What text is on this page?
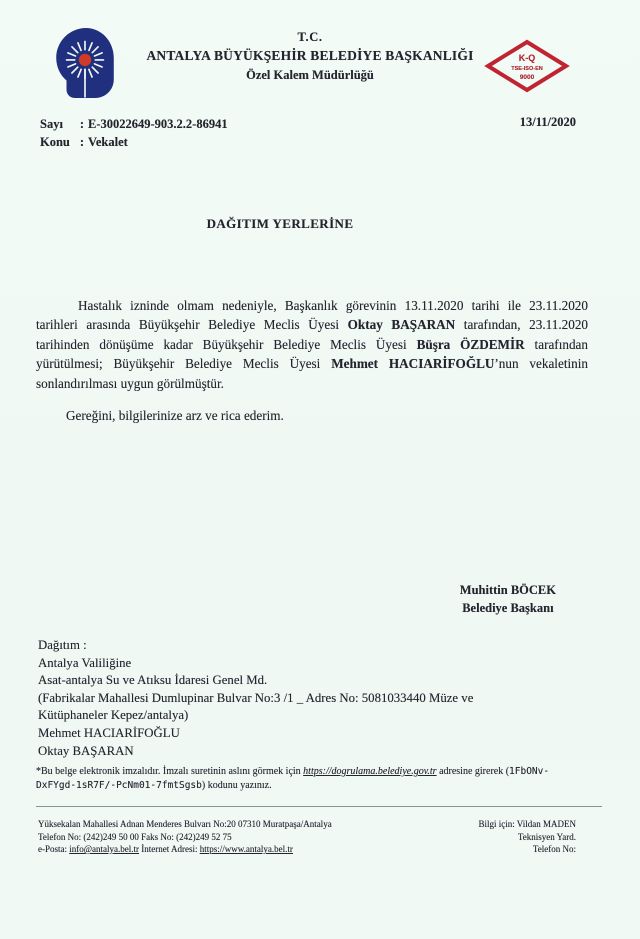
T.C.
ANTALYA BÜYÜKŞEHİR BELEDİYE BAŞKANLIĞI
Özel Kalem Müdürlüğü
K-Q
TSE-ISO-EN
9000
Sayı	: E-30022649-903.2.2-86941
Konu : Vekalet
13/11/2020
DAĞITIM YERLERİNE

Hastalık izninde olmam nedeniyle, Başkanlık görevinin 13.11.2020 tarihi ile 23.11.2020 tarihleri arasında Büyükşehir Belediye Meclis Üyesi Oktay BAŞARAN tarafından, 23.11.2020 tarihinden dönüşüme kadar Büyükşehir Belediye Meclis Üyesi Büşra ÖZDEMİR tarafından yürütülmesi; Büyükşehir Belediye Meclis Üyesi Mehmet HACIARİFOĞLU’nun vekaletinin sonlandırılması uygun görülmüştür.

Gereğini, bilgilerinize arz ve rica ederim.

Muhittin BÖCEK
Belediye Başkanı
Dağıtım :
Antalya Valiliğine
Asat-antalya Su ve Atıksu İdaresi Genel Md.
(Fabrikalar Mahallesi Dumlupinar Bulvar No:3 /1 _ Adres No: 5081033440 Müze ve Kütüphaneler Kepez/antalya)
Mehmet HACIARİFOĞLU
Oktay BAŞARAN
*Bu belge elektronik imzalıdır. İmzalı suretinin aslını görmek için https://dogrulama.belediye.gov.tr adresine girerek (1FbONv-DxFYgd-1sR7F/-PcNm01-7fmtSgsb) kodunu yazınız.
Yüksekalan Mahallesi Adnan Menderes Bulvarı No:20 07310 Muratpaşa/Antalya
Telefon No: (242)249 50 00 Faks No: (242)249 52 75
e-Posta: info@antalya.bel.tr İnternet Adresi: https://www.antalya.bel.tr
Bilgi için: Vildan MADEN
Teknisyen Yard.
Telefon No:
